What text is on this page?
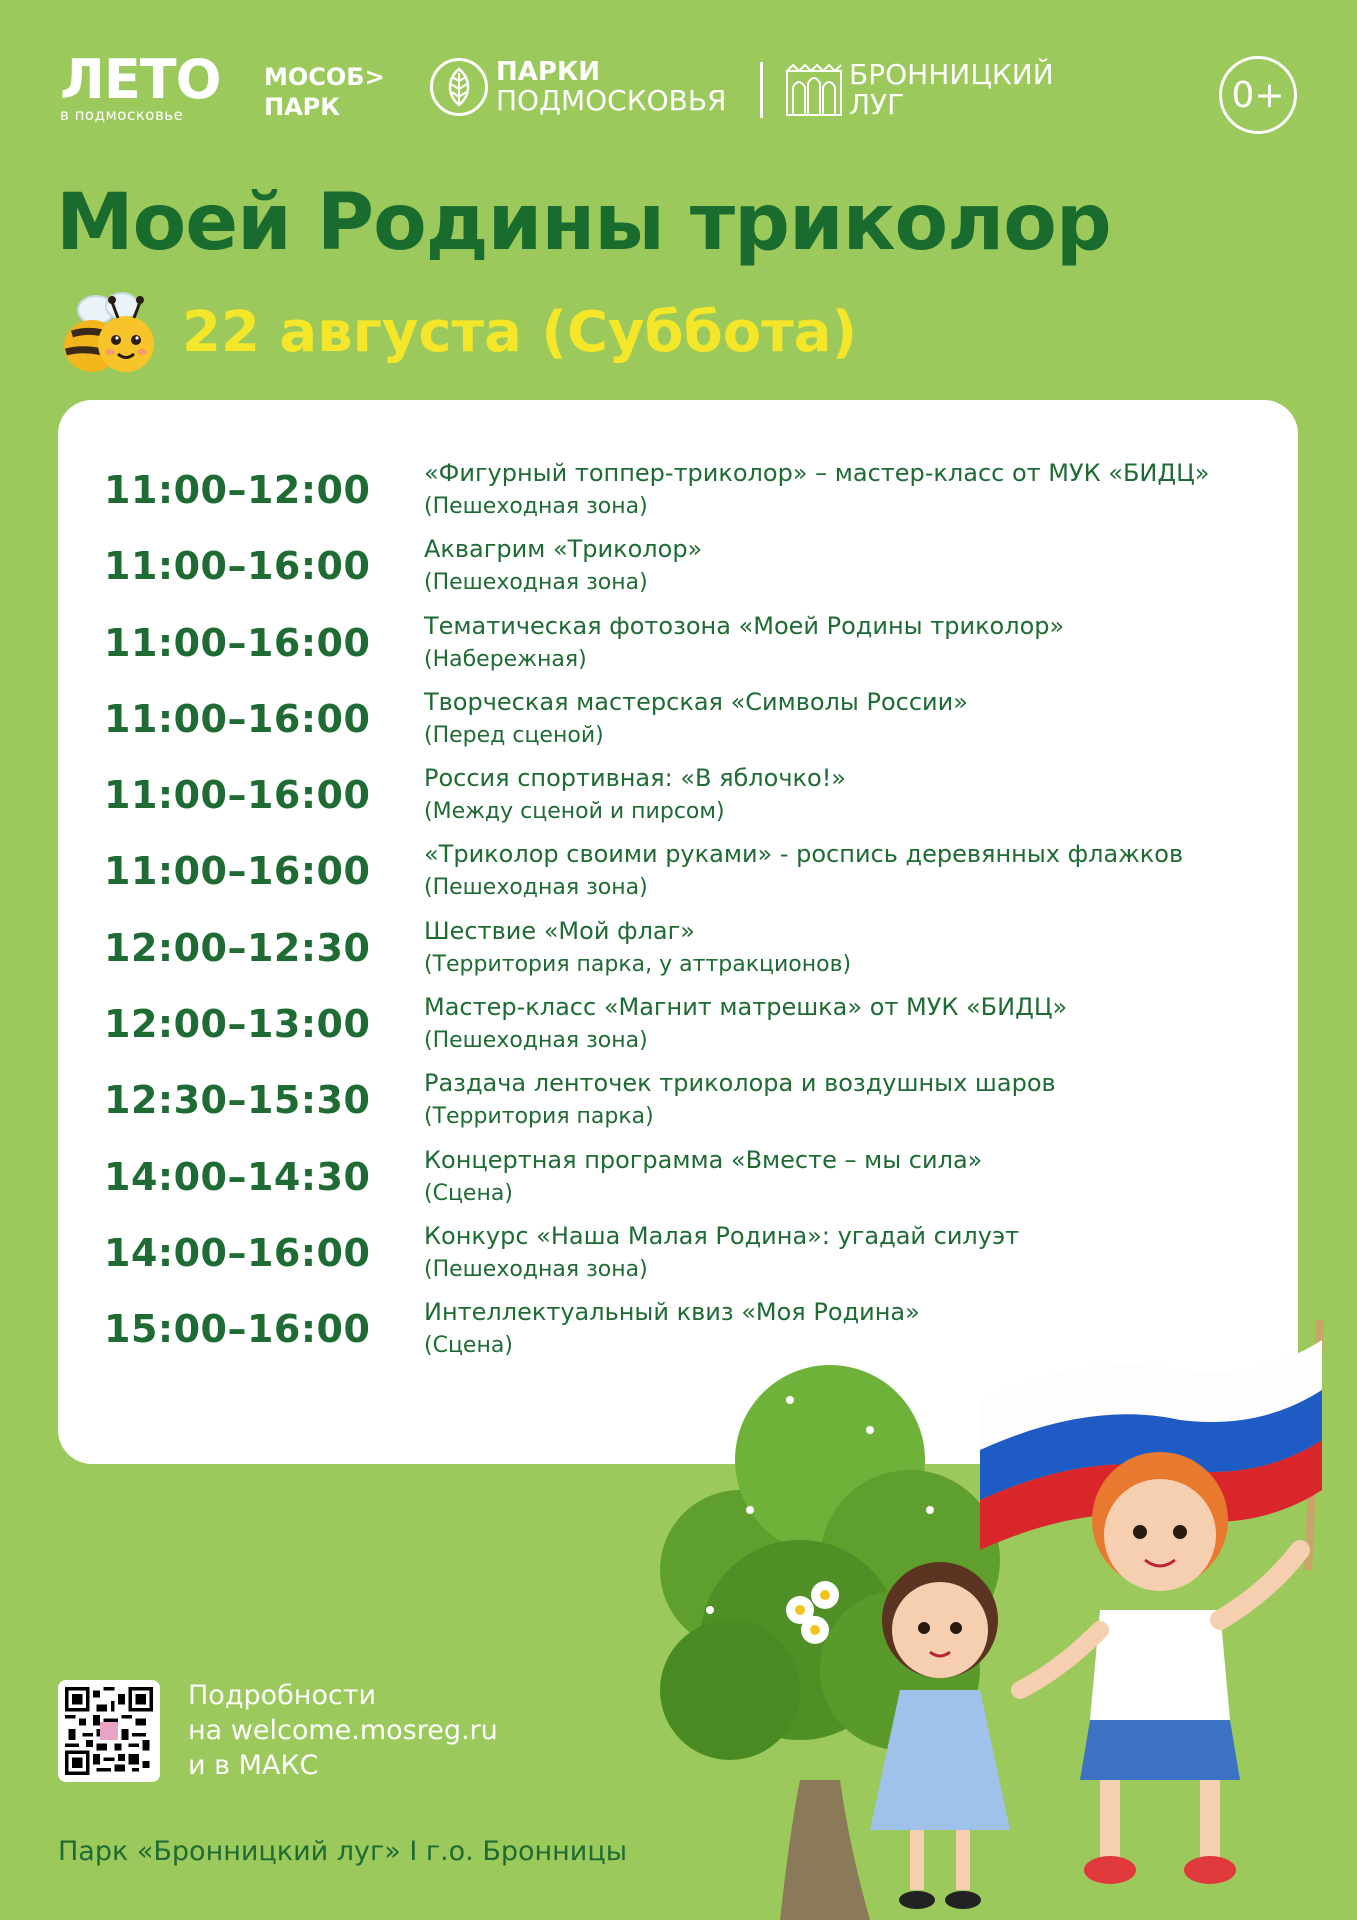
ЛЕТО
в подмосковье
МОСОБ>
ПАРК
ПАРКИ
ПОДМОСКОВЬЯ
БРОННИЦКИЙ
ЛУГ	0+
Моей Родины триколор
22 августа (Суббота)
11:00–12:00	«Фигурный топпер-триколор» – мастер-класс от МУК «БИДЦ»
(Пешеходная зона)
11:00–16:00	Аквагрим «Триколор»
(Пешеходная зона)
11:00–16:00	Тематическая фотозона «Моей Родины триколор»
(Набережная)
11:00–16:00	Творческая мастерская «Символы России»
(Перед сценой)
11:00–16:00	Россия спортивная: «В яблочко!»
(Между сценой и пирсом)
11:00–16:00	«Триколор своими руками» - роспись деревянных флажков
(Пешеходная зона)
12:00–12:30	Шествие «Мой флаг»
(Территория парка, у аттракционов)
12:00–13:00	Мастер-класс «Магнит матрешка» от МУК «БИДЦ»
(Пешеходная зона)
12:30–15:30	Раздача ленточек триколора и воздушных шаров
(Территория парка)
14:00–14:30	Концертная программа «Вместе – мы сила»
(Сцена)
14:00–16:00	Конкурс «Наша Малая Родина»: угадай силуэт
(Пешеходная зона)
15:00–16:00	Интеллектуальный квиз «Моя Родина»
(Сцена)
Подробности
на welcome.mosreg.ru
и в МАКС
Парк «Бронницкий луг» I г.о. Бронницы
